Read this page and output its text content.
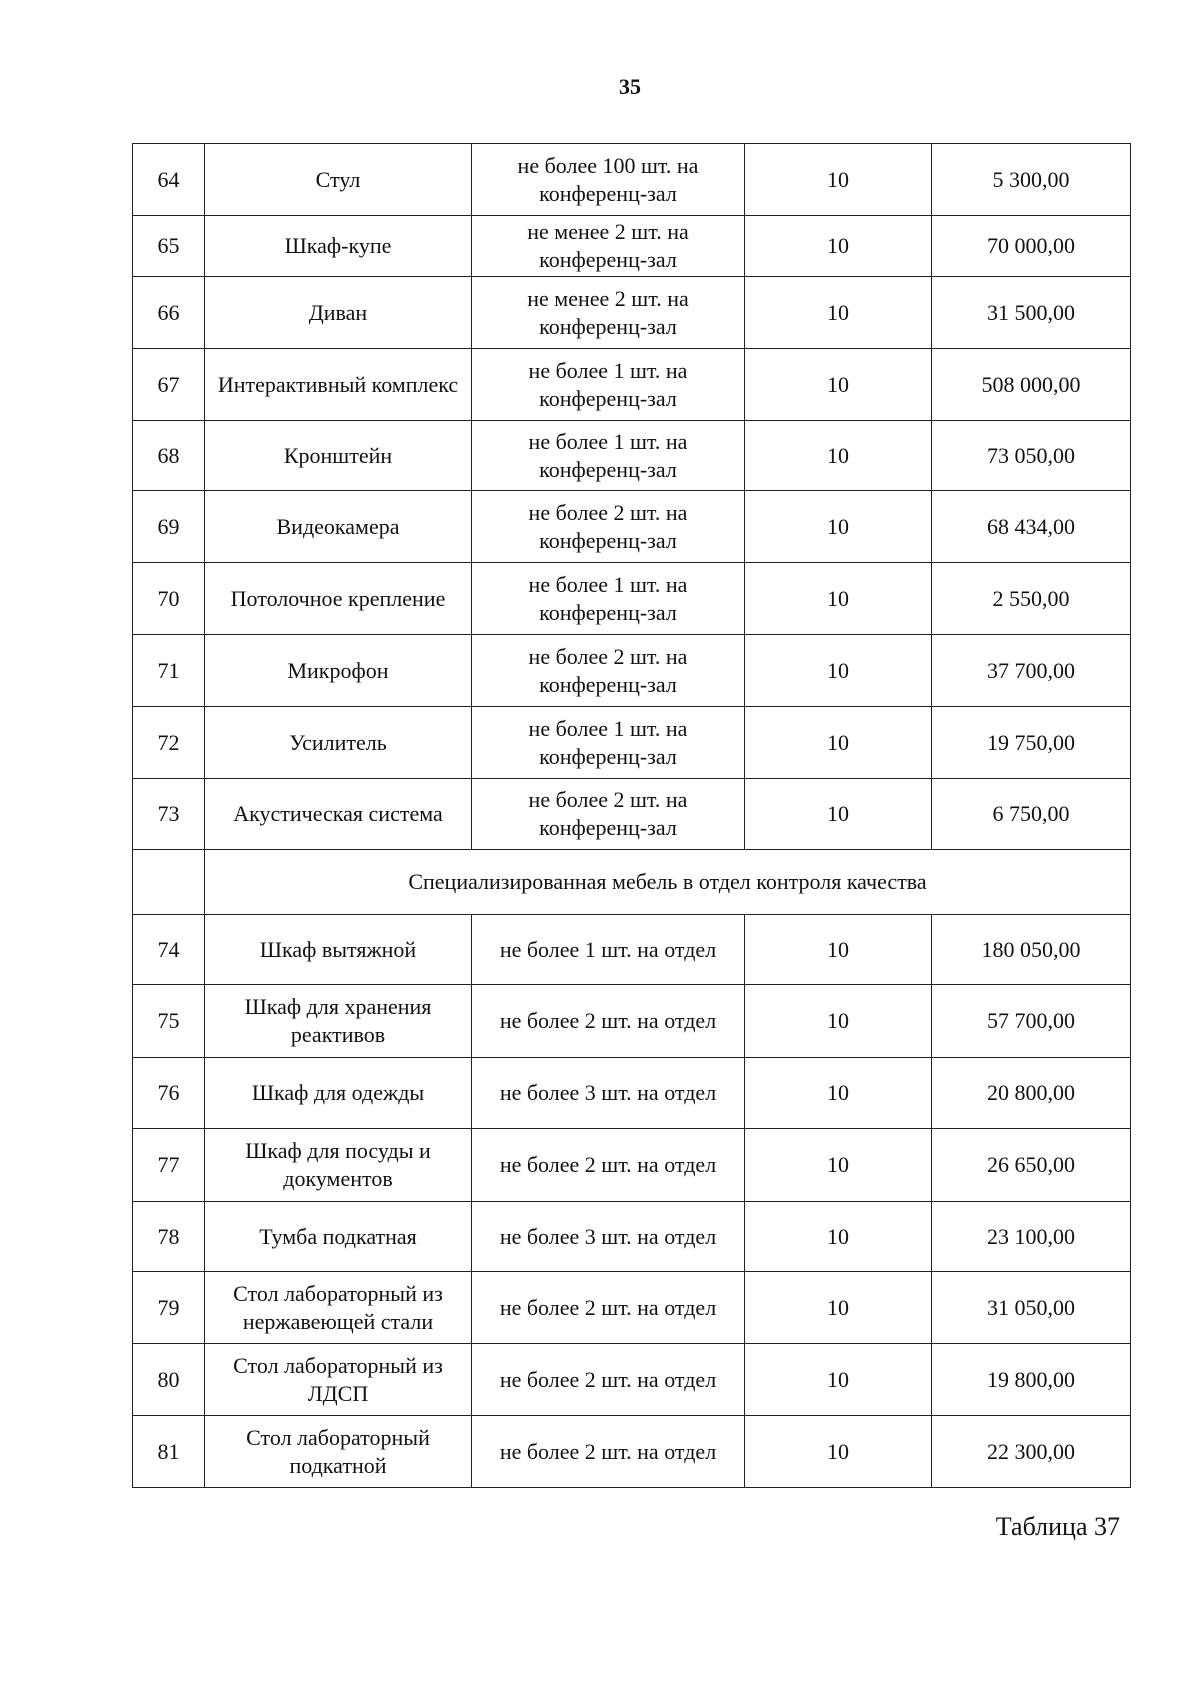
35
64	Стул	не более 100 шт. на конференц-зал	10	5 300,00
65	Шкаф-купе	не менее 2 шт. на конференц-зал	10	70 000,00
66	Диван	не менее 2 шт. на конференц-зал	10	31 500,00
67	Интерактивный комплекс	не более 1 шт. на конференц-зал	10	508 000,00
68	Кронштейн	не более 1 шт. на конференц-зал	10	73 050,00
69	Видеокамера	не более 2 шт. на конференц-зал	10	68 434,00
70	Потолочное крепление	не более 1 шт. на конференц-зал	10	2 550,00
71	Микрофон	не более 2 шт. на конференц-зал	10	37 700,00
72	Усилитель	не более 1 шт. на конференц-зал	10	19 750,00
73	Акустическая система	не более 2 шт. на конференц-зал	10	6 750,00
	Специализированная мебель в отдел контроля качества			
74	Шкаф вытяжной	не более 1 шт. на отдел	10	180 050,00
75	Шкаф для хранения реактивов	не более 2 шт. на отдел	10	57 700,00
76	Шкаф для одежды	не более 3 шт. на отдел	10	20 800,00
77	Шкаф для посуды и документов	не более 2 шт. на отдел	10	26 650,00
78	Тумба подкатная	не более 3 шт. на отдел	10	23 100,00
79	Стол лабораторный из нержавеющей стали	не более 2 шт. на отдел	10	31 050,00
80	Стол лабораторный из ЛДСП	не более 2 шт. на отдел	10	19 800,00
81	Стол лабораторный подкатной	не более 2 шт. на отдел	10	22 300,00
Таблица 37
